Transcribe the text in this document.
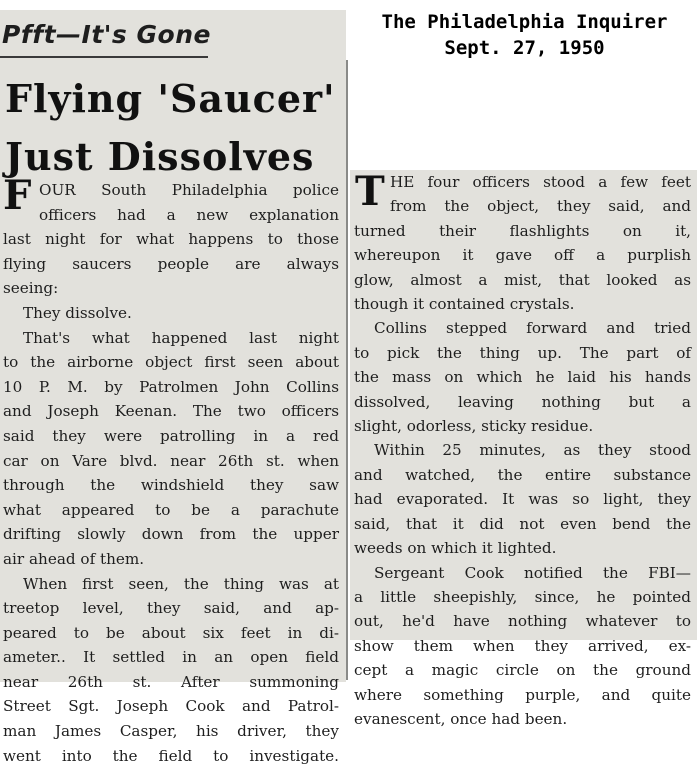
The Philadelphia Inquirer
Sept. 27, 1950
Pfft—It's Gone
Flying 'Saucer'
Just Dissolves
OUR South Philadelphia police
officers had a new explanation
last night for what happens to those
flying saucers people are always
seeing:
They dissolve.
That's what happened last night
to the airborne object first seen about
10 P. M. by Patrolmen John Collins
and Joseph Keenan. The two officers
said they were patrolling in a red
car on Vare blvd. near 26th st. when
through the windshield they saw
what appeared to be a parachute
drifting slowly down from the upper
air ahead of them.
When first seen, the thing was at
treetop level, they said, and ap-
peared to be about six feet in di-
ameter.. It settled in an open field
near 26th st. After summoning
Street Sgt. Joseph Cook and Patrol-
man James Casper, his driver, they
went into the field to investigate.
F	HE four officers stood a few feet
from the object, they said, and
turned their flashlights on it,
whereupon it gave off a purplish
glow, almost a mist, that looked as
though it contained crystals.
Collins stepped forward and tried
to pick the thing up. The part of
the mass on which he laid his hands
dissolved, leaving nothing but a
slight, odorless, sticky residue.
Within 25 minutes, as they stood
and watched, the entire substance
had evaporated. It was so light, they
said, that it did not even bend the
weeds on which it lighted.
Sergeant Cook notified the FBI—
a little sheepishly, since, he pointed
out, he'd have nothing whatever to
show them when they arrived, ex-
cept a magic circle on the ground
where something purple, and quite
evanescent, once had been.
T
